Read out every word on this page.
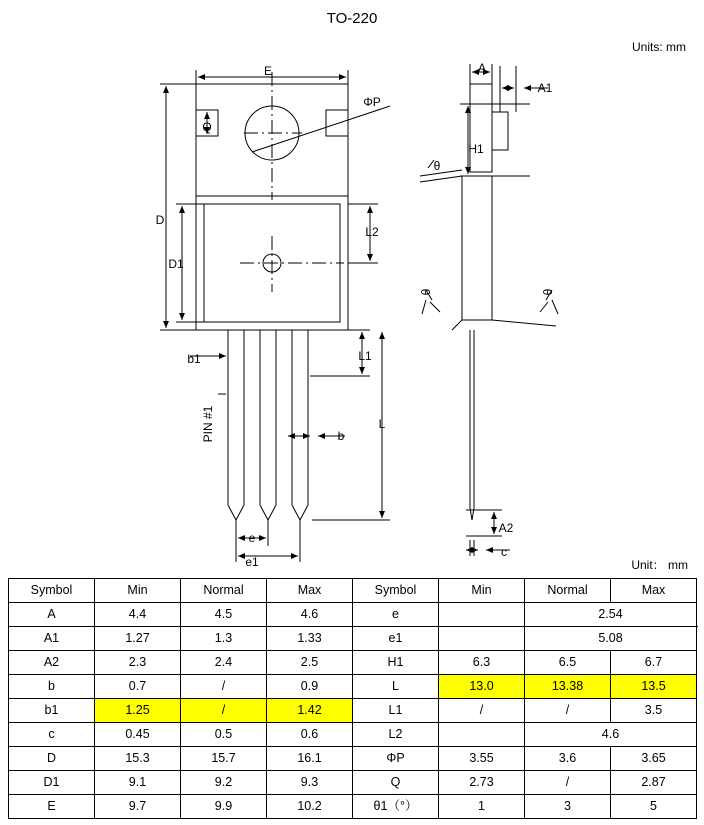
TO-220
Units: mm
Unit： mm
E
Q
ΦP
D
D1
L2
b1
b
L1
L
e
e1
PIN #1
A
A1
H1
θ
θ	θ
A2
c
Symbol	Min	Normal	Max	Symbol	Min	Normal	Max
A	4.4	4.5	4.6	e		2.54	
A1	1.27	1.3	1.33	e1		5.08	
A2	2.3	2.4	2.5	H1	6.3	6.5	6.7
b	0.7	/	0.9	L	13.0	13.38	13.5
b1	1.25	/	1.42	L1	/	/	3.5
c	0.45	0.5	0.6	L2		4.6	
D	15.3	15.7	16.1	ΦP	3.55	3.6	3.65
D1	9.1	9.2	9.3	Q	2.73	/	2.87
E	9.7	9.9	10.2	θ1（°）	1	3	5
